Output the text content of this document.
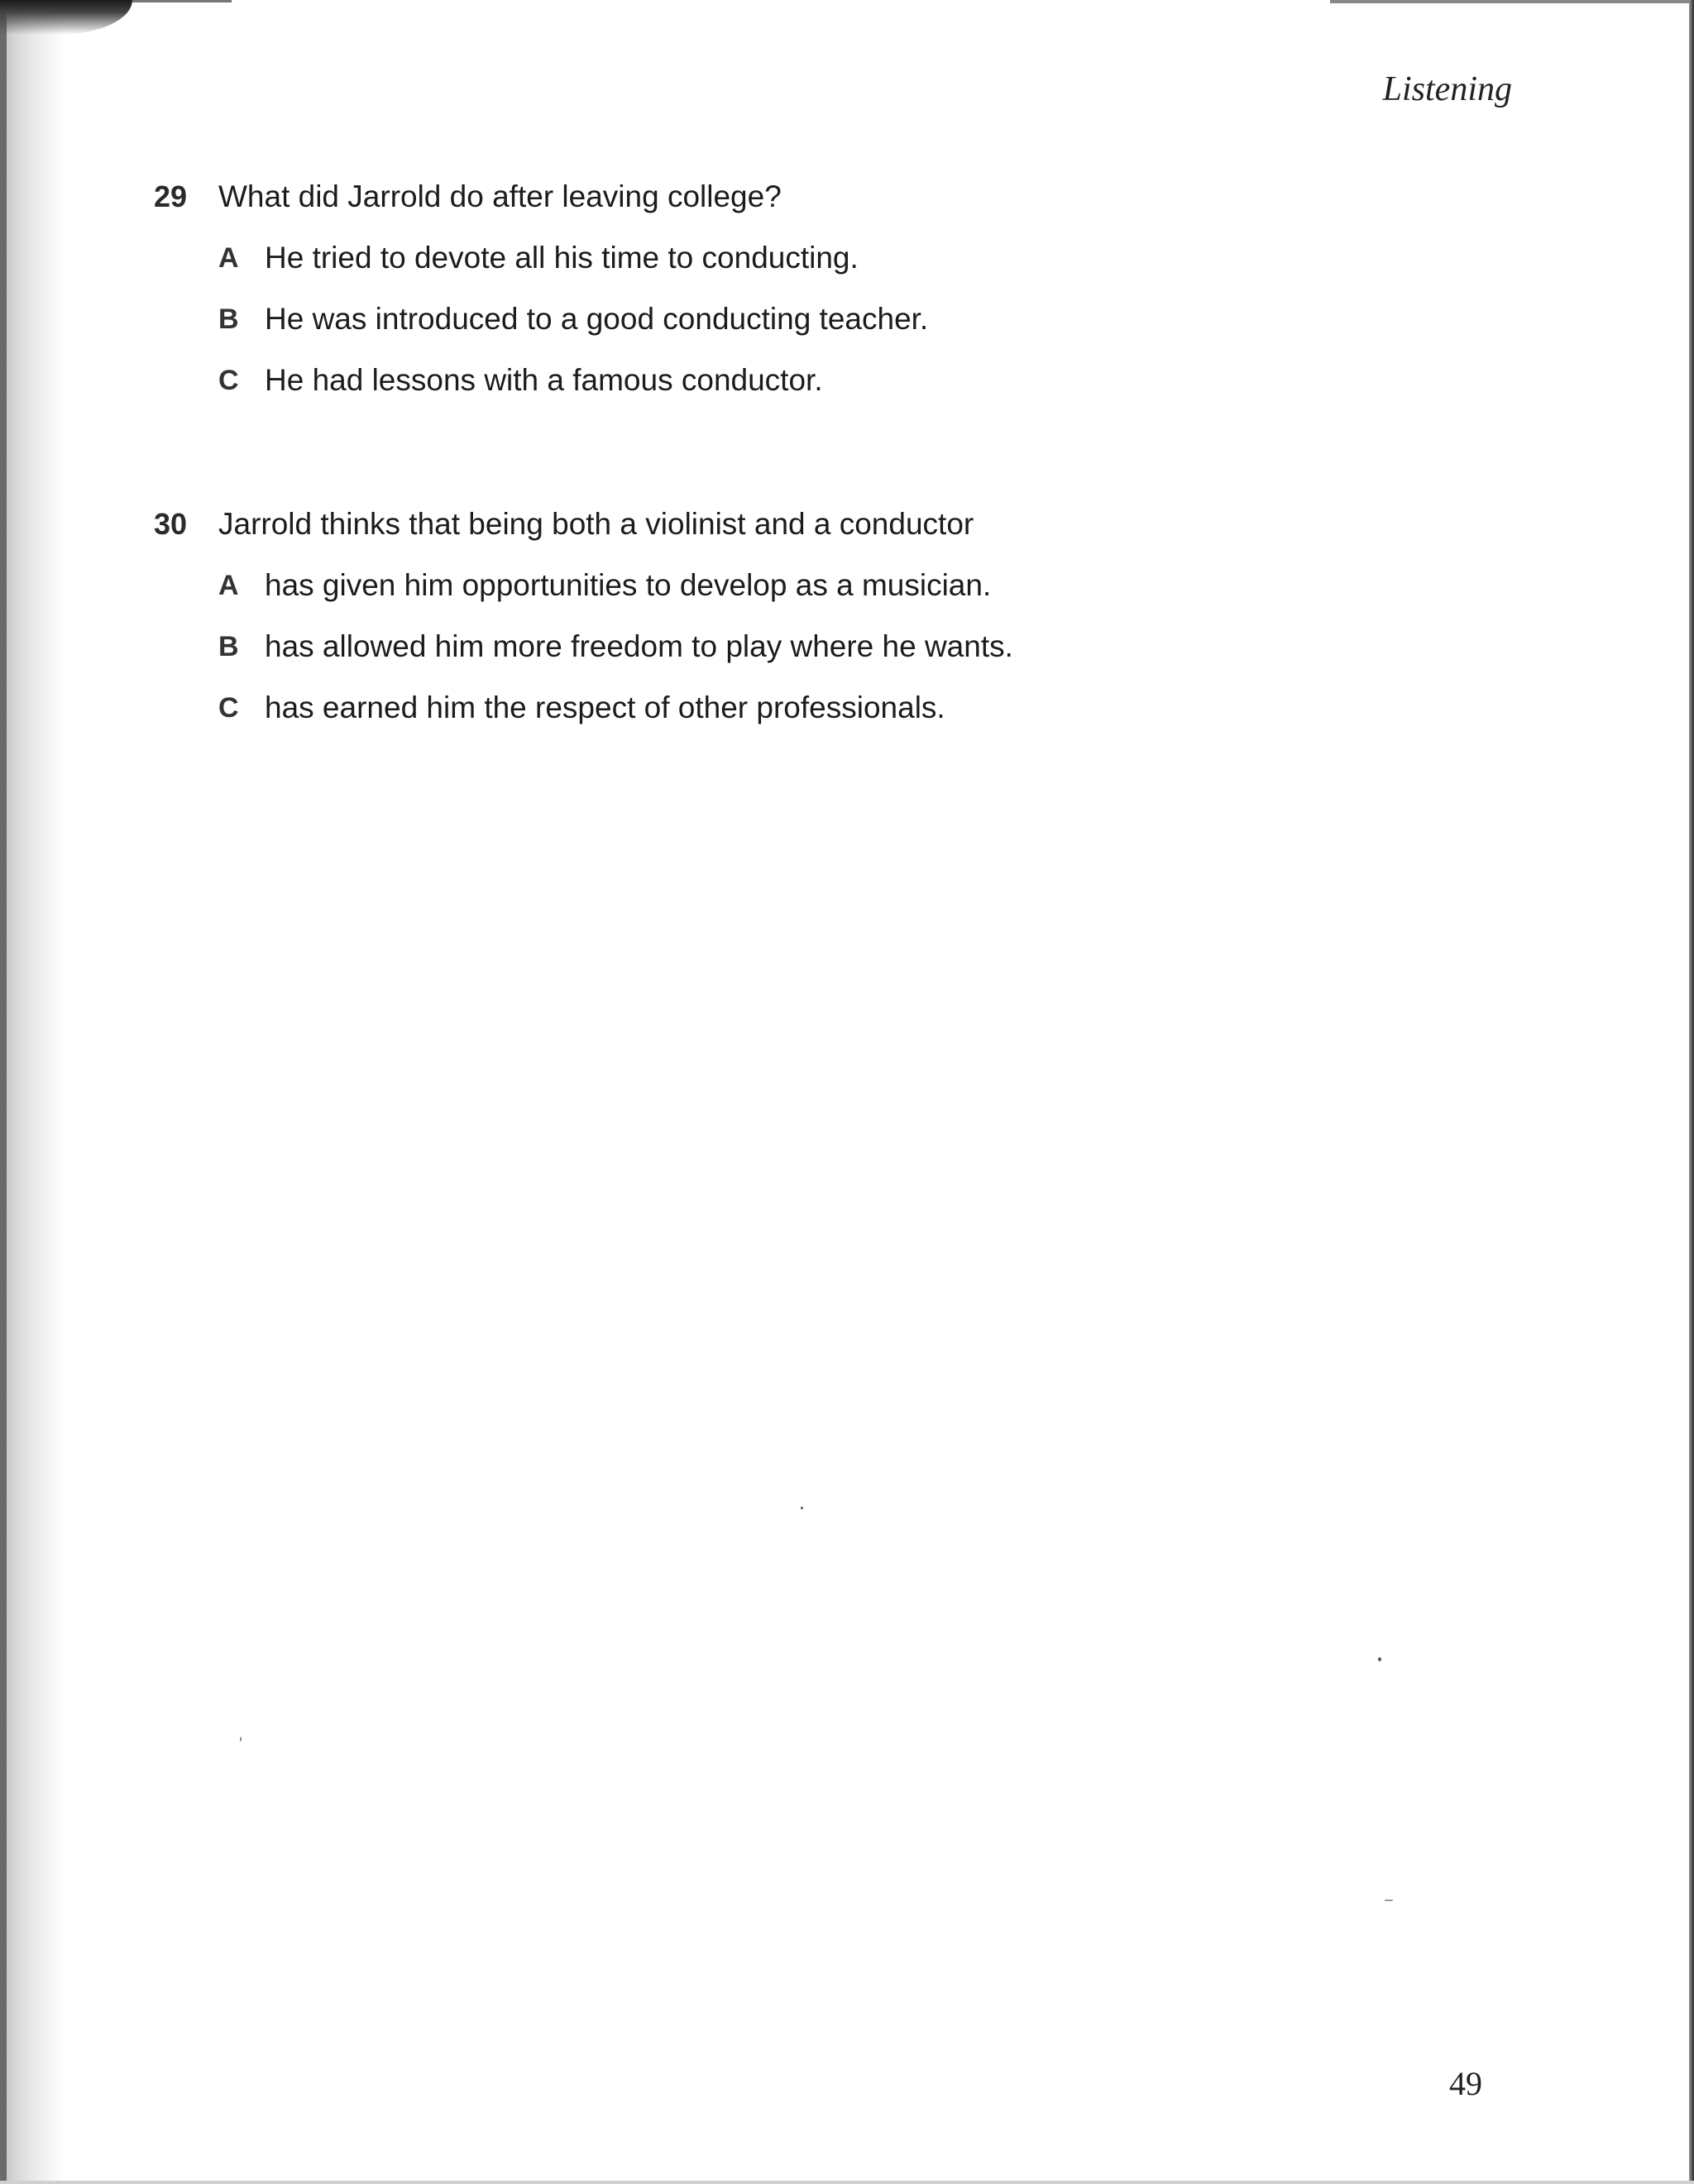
Listening
29 What did Jarrold do after leaving college?
A He tried to devote all his time to conducting.
B He was introduced to a good conducting teacher.
C He had lessons with a famous conductor.
30 Jarrold thinks that being both a violinist and a conductor
A has given him opportunities to develop as a musician.
B has allowed him more freedom to play where he wants.
C has earned him the respect of other professionals.
49
